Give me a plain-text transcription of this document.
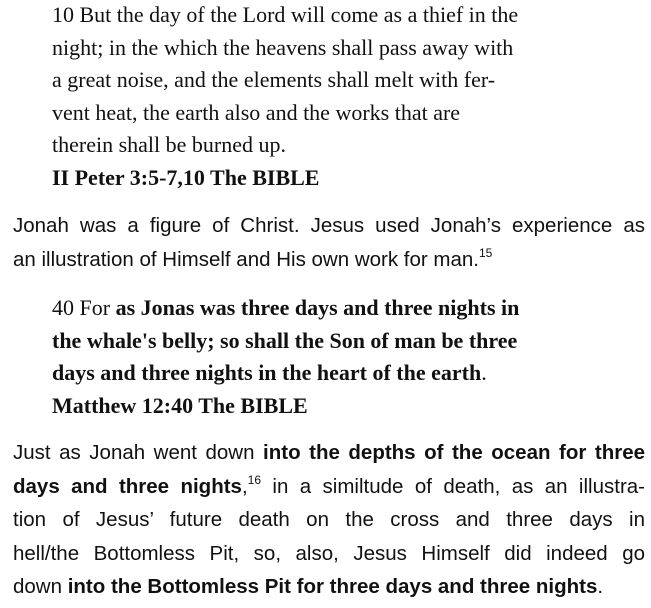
10 But the day of the Lord will come as a thief in the
night; in the which the heavens shall pass away with
a great noise, and the elements shall melt with fer-
vent heat, the earth also and the works that are
therein shall be burned up.
II Peter 3:5-7,10 The BIBLE
Jonah was a figure of Christ. Jesus used Jonah’s experience as
an illustration of Himself and His own work for man.$^{15}$
40 For as Jonas was three days and three nights in
the whale's belly; so shall the Son of man be three
days and three nights in the heart of the earth.
Matthew 12:40 The BIBLE
Just as Jonah went down into the depths of the ocean for three
days and three nights,$^{16}$ in a similtude of death, as an illustra-
tion of Jesus’ future death on the cross and three days in
hell/the Bottomless Pit, so, also, Jesus Himself did indeed go
down into the Bottomless Pit for three days and three nights.
